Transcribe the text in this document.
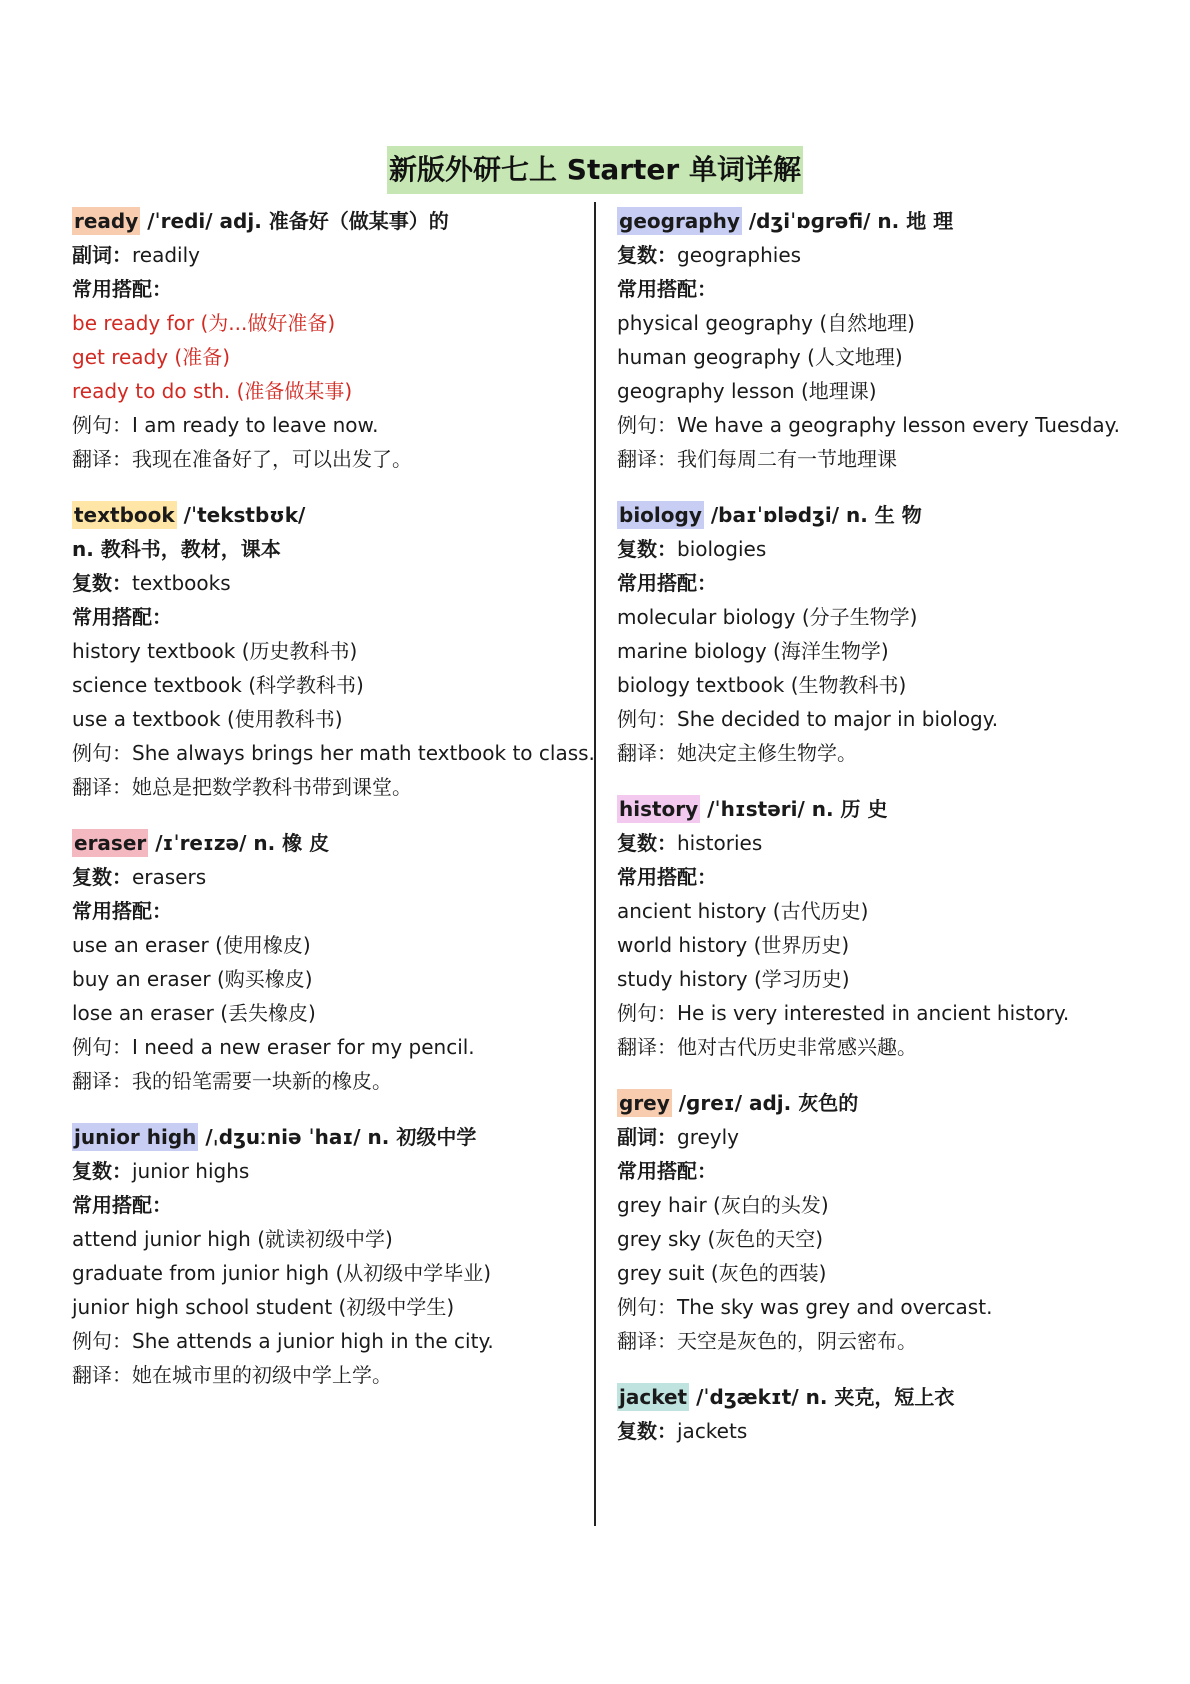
新版外研七上 Starter 单词详解
ready /ˈredi/ adj. 准备好（做某事）的
副词：readily
常用搭配：
be ready for (为...做好准备)
get ready (准备)
ready to do sth. (准备做某事)
例句：I am ready to leave now.
翻译：我现在准备好了，可以出发了。
textbook /ˈtekstbʊk/
n. 教科书，教材，课本
复数：textbooks
常用搭配：
history textbook (历史教科书)
science textbook (科学教科书)
use a textbook (使用教科书)
例句：She always brings her math textbook to class.
翻译：她总是把数学教科书带到课堂。
eraser /ɪˈreɪzə/ n. 橡 皮
复数：erasers
常用搭配：
use an eraser (使用橡皮)
buy an eraser (购买橡皮)
lose an eraser (丢失橡皮)
例句：I need a new eraser for my pencil.
翻译：我的铅笔需要一块新的橡皮。
junior high /ˌdʒuːniə ˈhaɪ/ n. 初级中学
复数：junior highs
常用搭配：
attend junior high (就读初级中学)
graduate from junior high (从初级中学毕业)
junior high school student (初级中学生)
例句：She attends a junior high in the city.
翻译：她在城市里的初级中学上学。
geography /dʒiˈɒɡrəfi/ n. 地 理
复数：geographies
常用搭配：
physical geography (自然地理)
human geography (人文地理)
geography lesson (地理课)
例句：We have a geography lesson every Tuesday.
翻译：我们每周二有一节地理课
biology /baɪˈɒlədʒi/ n. 生 物
复数：biologies
常用搭配：
molecular biology (分子生物学)
marine biology (海洋生物学)
biology textbook (生物教科书)
例句：She decided to major in biology.
翻译：她决定主修生物学。
history /ˈhɪstəri/ n. 历 史
复数：histories
常用搭配：
ancient history (古代历史)
world history (世界历史)
study history (学习历史)
例句：He is very interested in ancient history.
翻译：他对古代历史非常感兴趣。
grey /ɡreɪ/ adj. 灰色的
副词：greyly
常用搭配：
grey hair (灰白的头发)
grey sky (灰色的天空)
grey suit (灰色的西装)
例句：The sky was grey and overcast.
翻译：天空是灰色的，阴云密布。
jacket /ˈdʒækɪt/ n. 夹克，短上衣
复数：jackets
